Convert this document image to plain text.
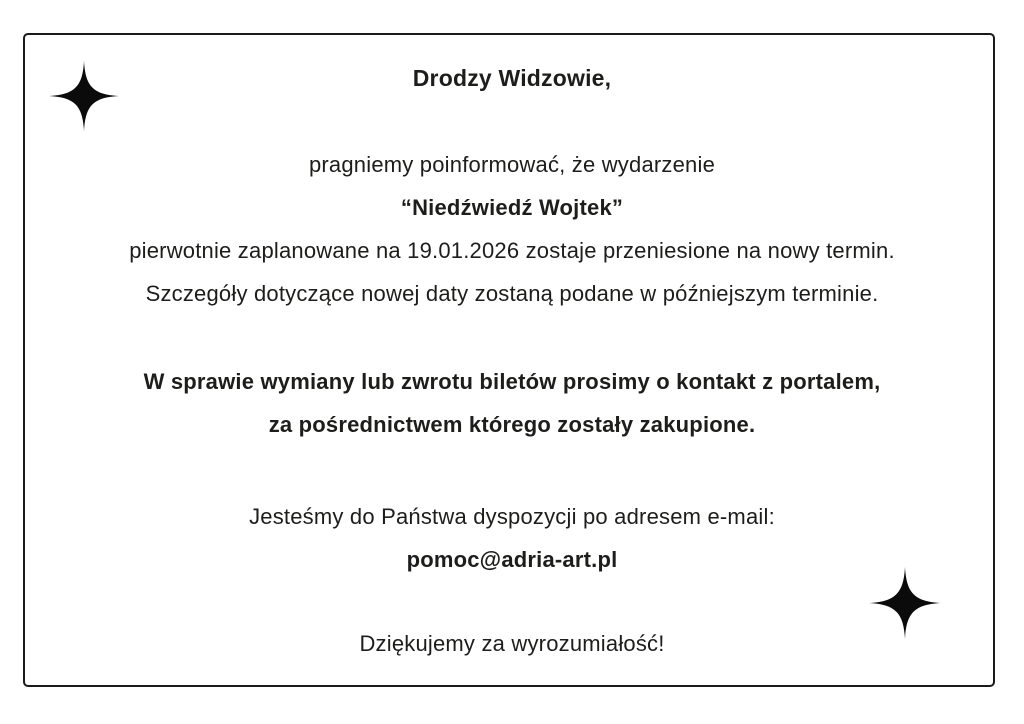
Drodzy Widzowie,

pragniemy poinformować, że wydarzenie

“Niedźwiedź Wojtek”

pierwotnie zaplanowane na 19.01.2026 zostaje przeniesione na nowy termin.

Szczegóły dotyczące nowej daty zostaną podane w późniejszym terminie.

W sprawie wymiany lub zwrotu biletów prosimy o kontakt z portalem,

za pośrednictwem którego zostały zakupione.

Jesteśmy do Państwa dyspozycji po adresem e-mail:

pomoc@adria-art.pl

Dziękujemy za wyrozumiałość!
